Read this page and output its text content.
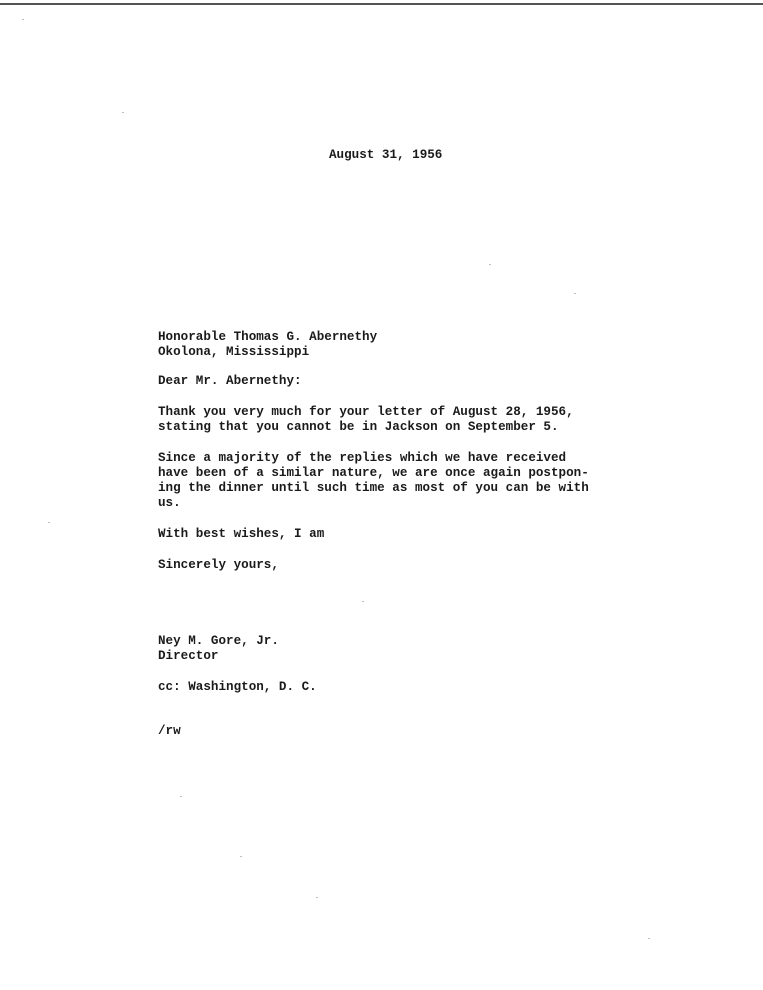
August 31, 1956
Honorable Thomas G. Abernethy
Okolona, Mississippi
Dear Mr. Abernethy:
Thank you very much for your letter of August 28, 1956,
stating that you cannot be in Jackson on September 5.
Since a majority of the replies which we have received
have been of a similar nature, we are once again postpon-
ing the dinner until such time as most of you can be with
us.
With best wishes, I am
Sincerely yours,
Ney M. Gore, Jr.
Director
cc: Washington, D. C.
/rw
